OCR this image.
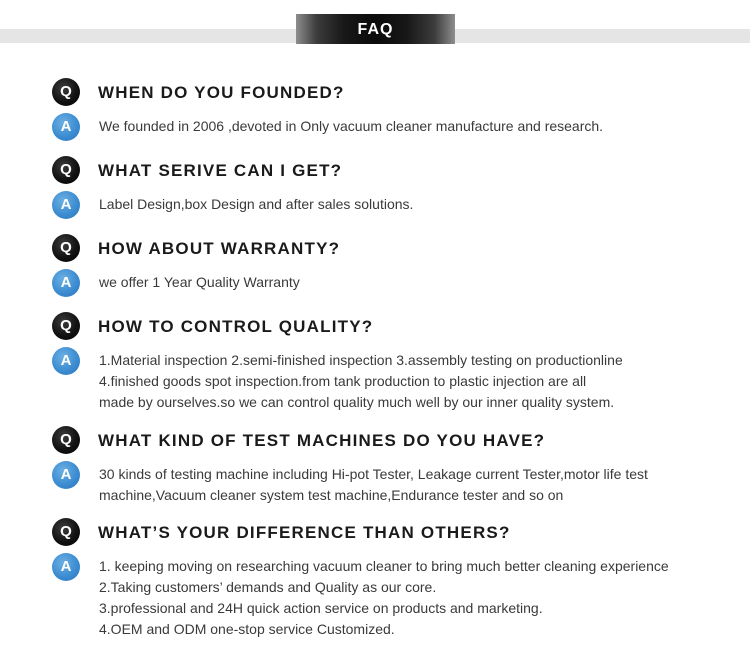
FAQ
Q	WHEN DO YOU FOUNDED?
A	We founded in 2006 ,devoted in Only vacuum cleaner manufacture and research.
Q	WHAT SERIVE CAN I GET?
A	Label Design,box Design and after sales solutions.
Q	HOW ABOUT WARRANTY?
A	we offer 1 Year Quality Warranty
Q	HOW TO CONTROL QUALITY?
A	1.Material inspection 2.semi-finished inspection 3.assembly testing on productionline
4.finished goods spot inspection.from tank production to plastic injection are all
made by ourselves.so we can control quality much well by our inner quality system.
Q	WHAT KIND OF TEST MACHINES DO YOU HAVE?
A	30 kinds of testing machine including Hi-pot Tester, Leakage current Tester,motor life test
machine,Vacuum cleaner system test machine,Endurance tester and so on
Q	WHAT’S YOUR DIFFERENCE THAN OTHERS?
A	1. keeping moving on researching vacuum cleaner to bring much better cleaning experience
2.Taking customers’ demands and Quality as our core.
3.professional and 24H quick action service on products and marketing.
4.OEM and ODM one-stop service Customized.
